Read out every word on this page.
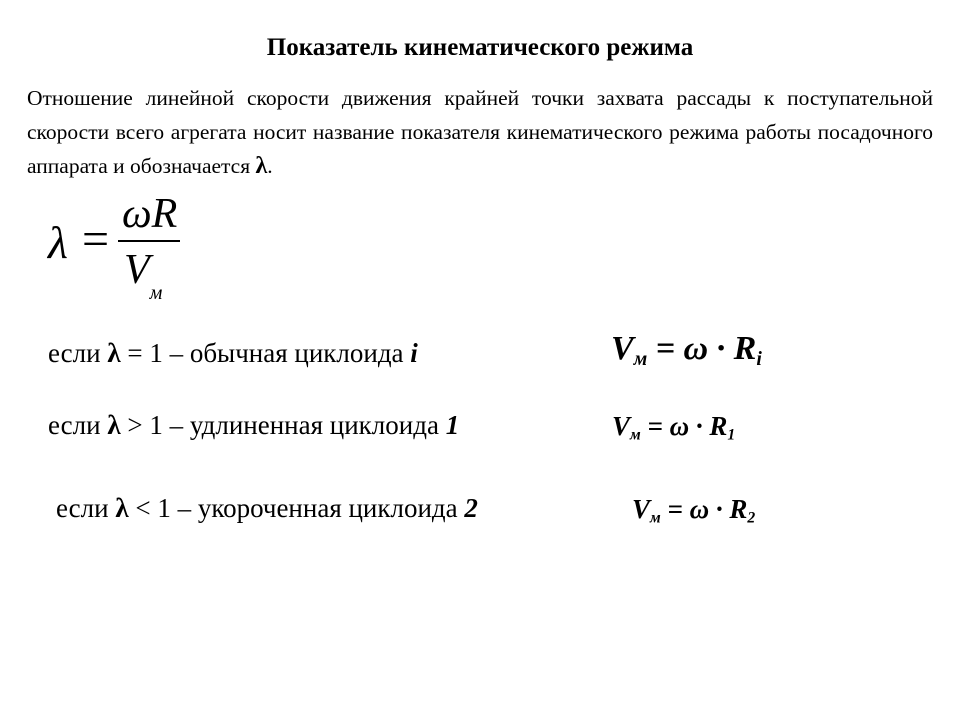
Показатель кинематического режима
Отношение линейной скорости движения крайней точки захвата рассады к поступательной скорости всего агрегата носит название показателя кинематического режима работы посадочного аппарата и обозначается λ.
λ = ωR
$V_м$
если λ = 1 – обычная циклоида i	$V_м = \omega \cdot R_i$
если λ > 1 – удлиненная циклоида 1	$V_м = \omega \cdot R_1$
если λ < 1 – укороченная циклоида 2	$V_м = \omega \cdot R_2$
